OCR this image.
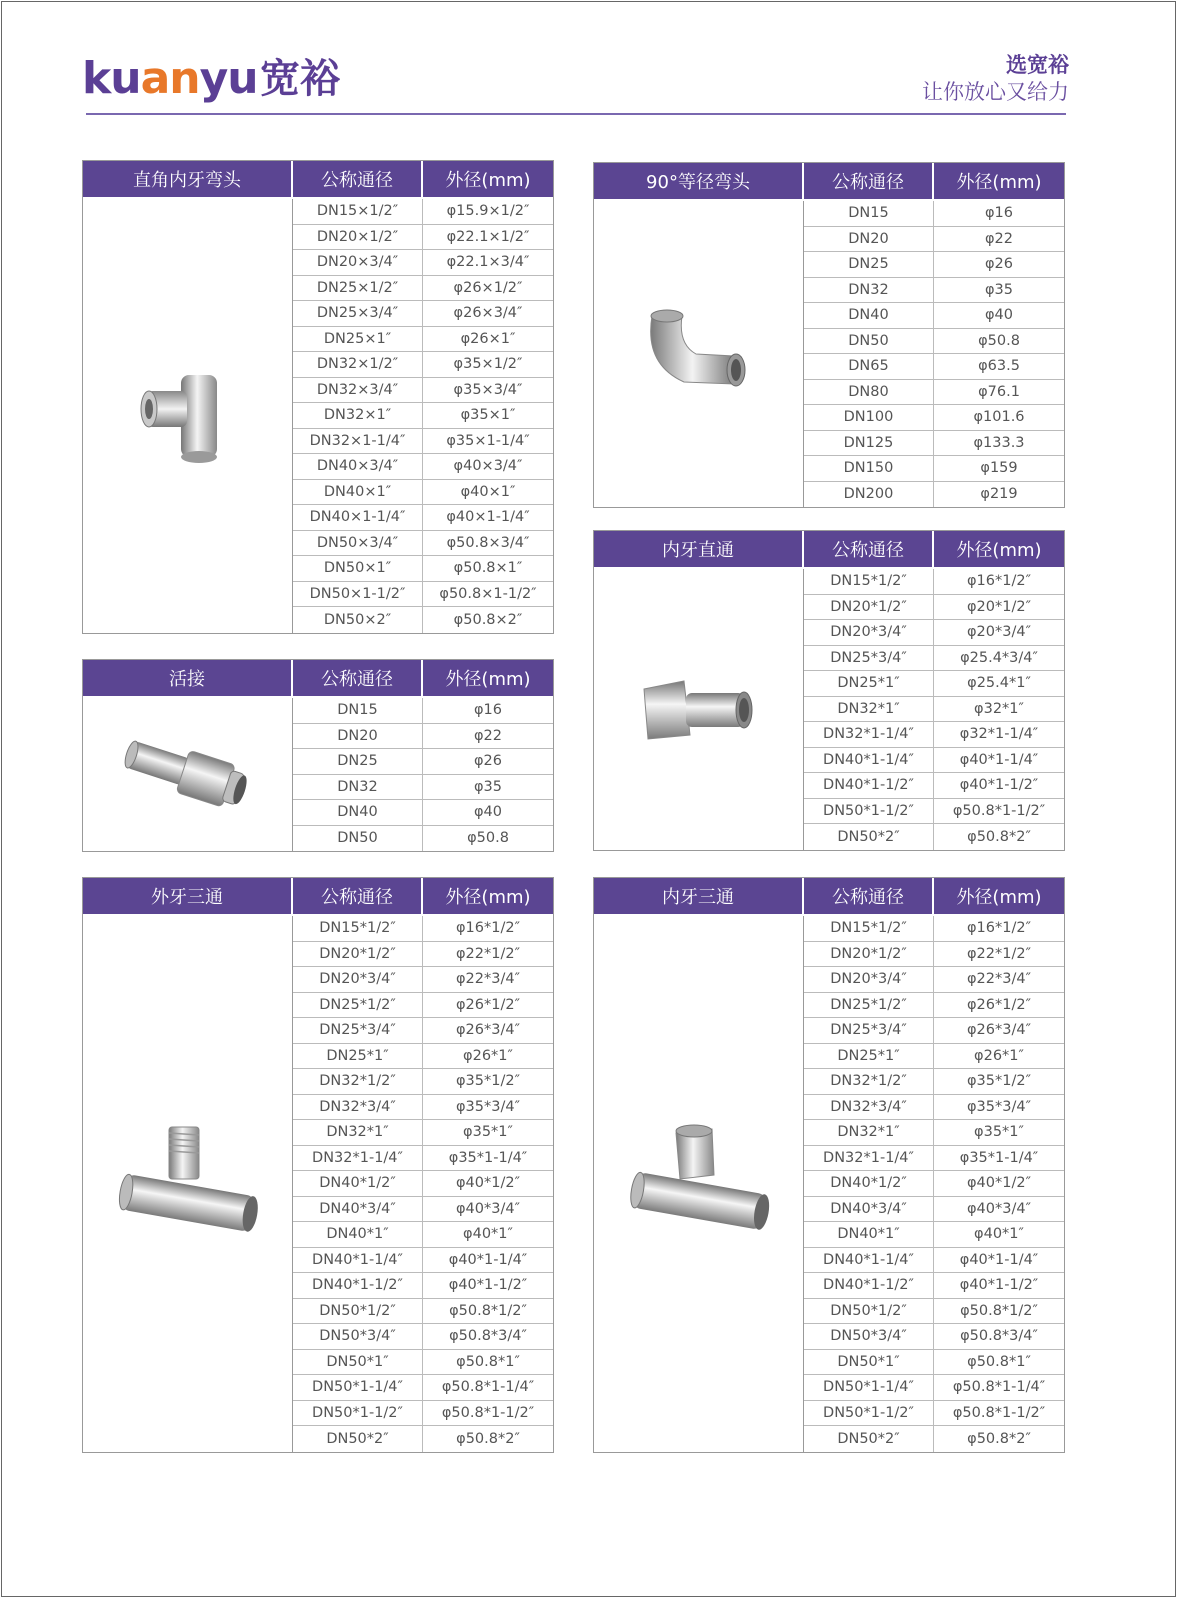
kuanyu 宽裕	选宽裕
让你放心又给力
直角内牙弯头	公称通径	外径(mm)
DN15×1/2″	φ15.9×1/2″
DN20×1/2″	φ22.1×1/2″
DN20×3/4″	φ22.1×3/4″
DN25×1/2″	φ26×1/2″
DN25×3/4″	φ26×3/4″
DN25×1″	φ26×1″
DN32×1/2″	φ35×1/2″
DN32×3/4″	φ35×3/4″
DN32×1″	φ35×1″
DN32×1-1/4″	φ35×1-1/4″
DN40×3/4″	φ40×3/4″
DN40×1″	φ40×1″
DN40×1-1/4″	φ40×1-1/4″
DN50×3/4″	φ50.8×3/4″
DN50×1″	φ50.8×1″
DN50×1-1/2″	φ50.8×1-1/2″
DN50×2″	φ50.8×2″
活接	公称通径	外径(mm)
DN15	φ16
DN20	φ22
DN25	φ26
DN32	φ35
DN40	φ40
DN50	φ50.8
外牙三通	公称通径	外径(mm)
DN15*1/2″	φ16*1/2″
DN20*1/2″	φ22*1/2″
DN20*3/4″	φ22*3/4″
DN25*1/2″	φ26*1/2″
DN25*3/4″	φ26*3/4″
DN25*1″	φ26*1″
DN32*1/2″	φ35*1/2″
DN32*3/4″	φ35*3/4″
DN32*1″	φ35*1″
DN32*1-1/4″	φ35*1-1/4″
DN40*1/2″	φ40*1/2″
DN40*3/4″	φ40*3/4″
DN40*1″	φ40*1″
DN40*1-1/4″	φ40*1-1/4″
DN40*1-1/2″	φ40*1-1/2″
DN50*1/2″	φ50.8*1/2″
DN50*3/4″	φ50.8*3/4″
DN50*1″	φ50.8*1″
DN50*1-1/4″	φ50.8*1-1/4″
DN50*1-1/2″	φ50.8*1-1/2″
DN50*2″	φ50.8*2″
90°等径弯头	公称通径	外径(mm)
DN15	φ16
DN20	φ22
DN25	φ26
DN32	φ35
DN40	φ40
DN50	φ50.8
DN65	φ63.5
DN80	φ76.1
DN100	φ101.6
DN125	φ133.3
DN150	φ159
DN200	φ219
内牙直通	公称通径	外径(mm)
DN15*1/2″	φ16*1/2″
DN20*1/2″	φ20*1/2″
DN20*3/4″	φ20*3/4″
DN25*3/4″	φ25.4*3/4″
DN25*1″	φ25.4*1″
DN32*1″	φ32*1″
DN32*1-1/4″	φ32*1-1/4″
DN40*1-1/4″	φ40*1-1/4″
DN40*1-1/2″	φ40*1-1/2″
DN50*1-1/2″	φ50.8*1-1/2″
DN50*2″	φ50.8*2″
内牙三通	公称通径	外径(mm)
DN15*1/2″	φ16*1/2″
DN20*1/2″	φ22*1/2″
DN20*3/4″	φ22*3/4″
DN25*1/2″	φ26*1/2″
DN25*3/4″	φ26*3/4″
DN25*1″	φ26*1″
DN32*1/2″	φ35*1/2″
DN32*3/4″	φ35*3/4″
DN32*1″	φ35*1″
DN32*1-1/4″	φ35*1-1/4″
DN40*1/2″	φ40*1/2″
DN40*3/4″	φ40*3/4″
DN40*1″	φ40*1″
DN40*1-1/4″	φ40*1-1/4″
DN40*1-1/2″	φ40*1-1/2″
DN50*1/2″	φ50.8*1/2″
DN50*3/4″	φ50.8*3/4″
DN50*1″	φ50.8*1″
DN50*1-1/4″	φ50.8*1-1/4″
DN50*1-1/2″	φ50.8*1-1/2″
DN50*2″	φ50.8*2″
